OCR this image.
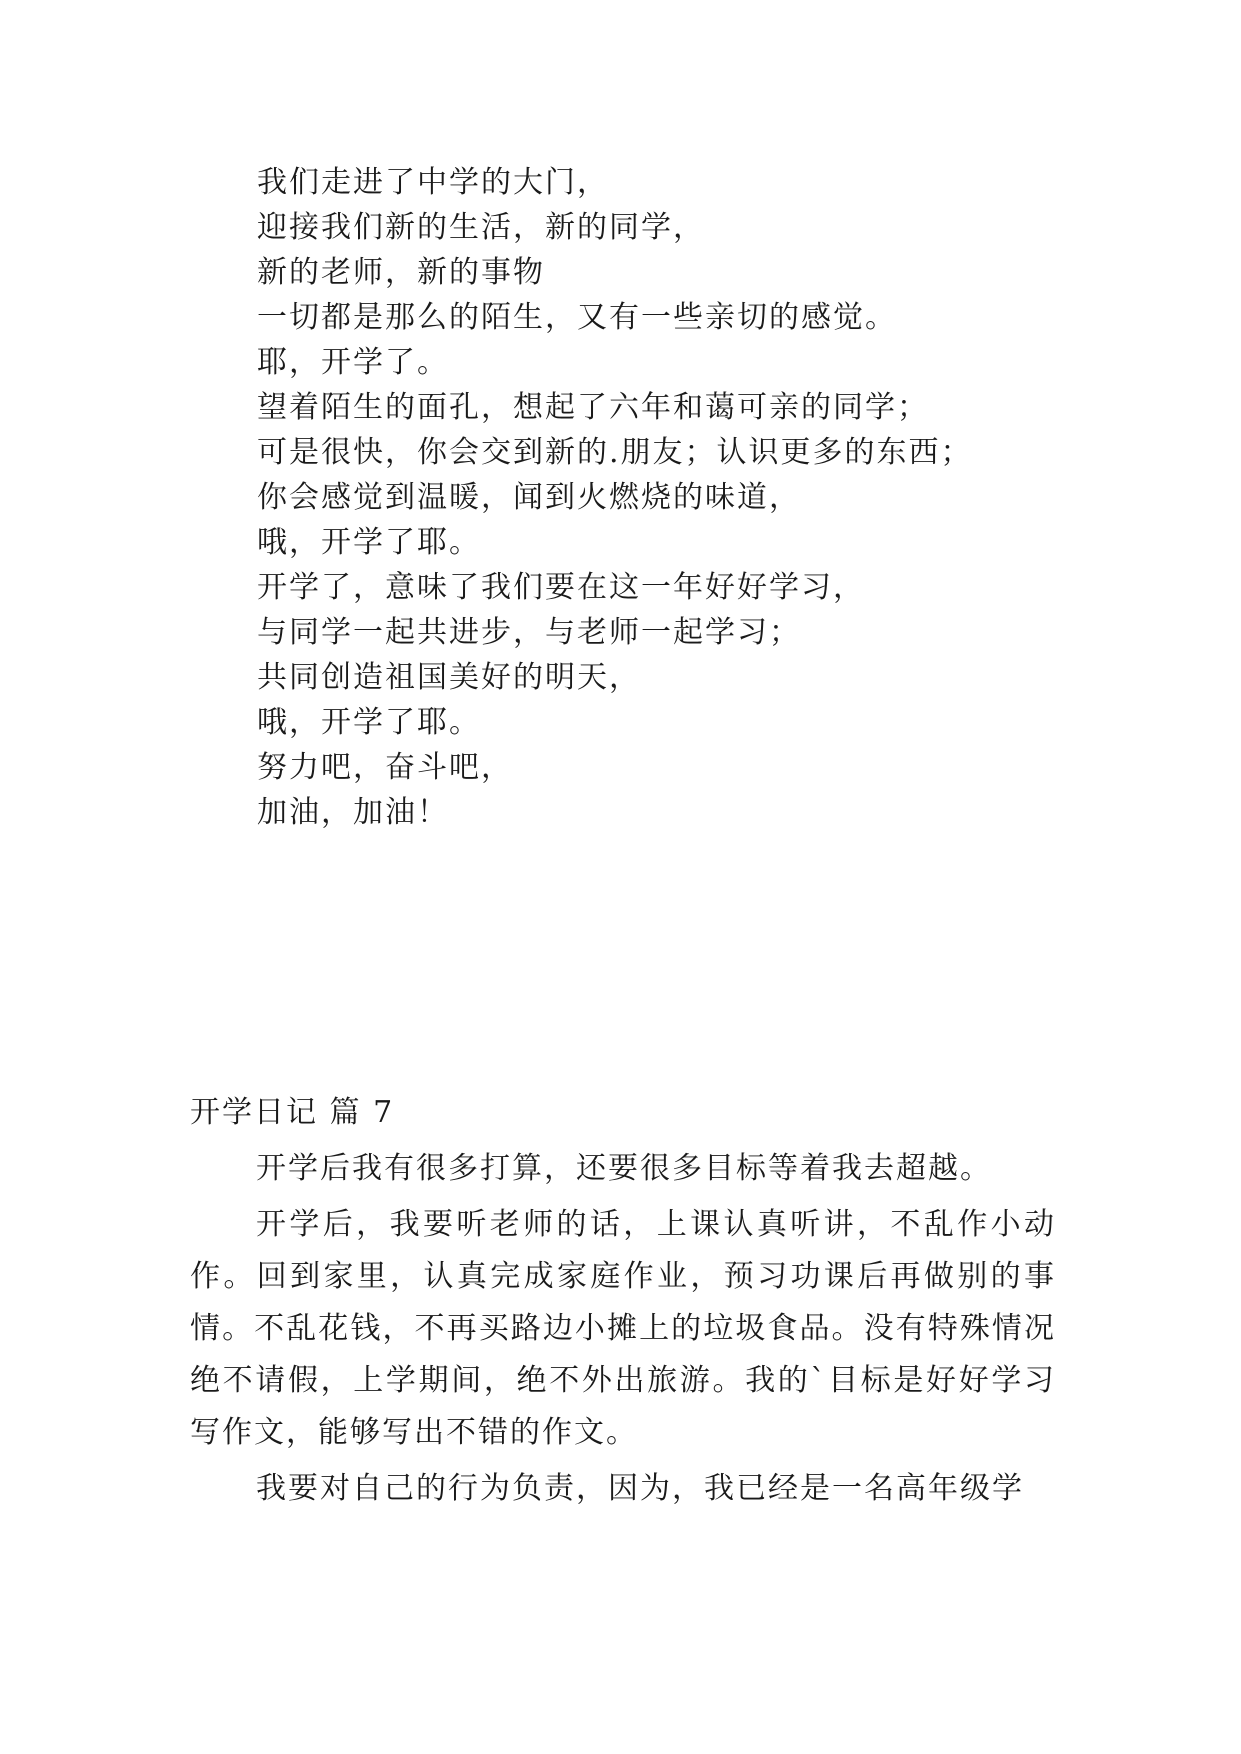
我们走进了中学的大门，

迎接我们新的生活，新的同学，

新的老师，新的事物

一切都是那么的陌生，又有一些亲切的感觉。

耶，开学了。

望着陌生的面孔，想起了六年和蔼可亲的同学；

可是很快，你会交到新的.朋友；认识更多的东西；

你会感觉到温暖，闻到火燃烧的味道，

哦，开学了耶。

开学了，意味了我们要在这一年好好学习，

与同学一起共进步，与老师一起学习；

共同创造祖国美好的明天，

哦，开学了耶。

努力吧，奋斗吧，

加油，加油！

开学日记 篇 7

开学后我有很多打算，还要很多目标等着我去超越。

开学后，我要听老师的话，上课认真听讲，不乱作小动作。回到家里，认真完成家庭作业，预习功课后再做别的事情。不乱花钱，不再买路边小摊上的垃圾食品。没有特殊情况绝不请假，上学期间，绝不外出旅游。我的`目标是好好学习写作文，能够写出不错的作文。

我要对自己的行为负责，因为，我已经是一名高年级学
